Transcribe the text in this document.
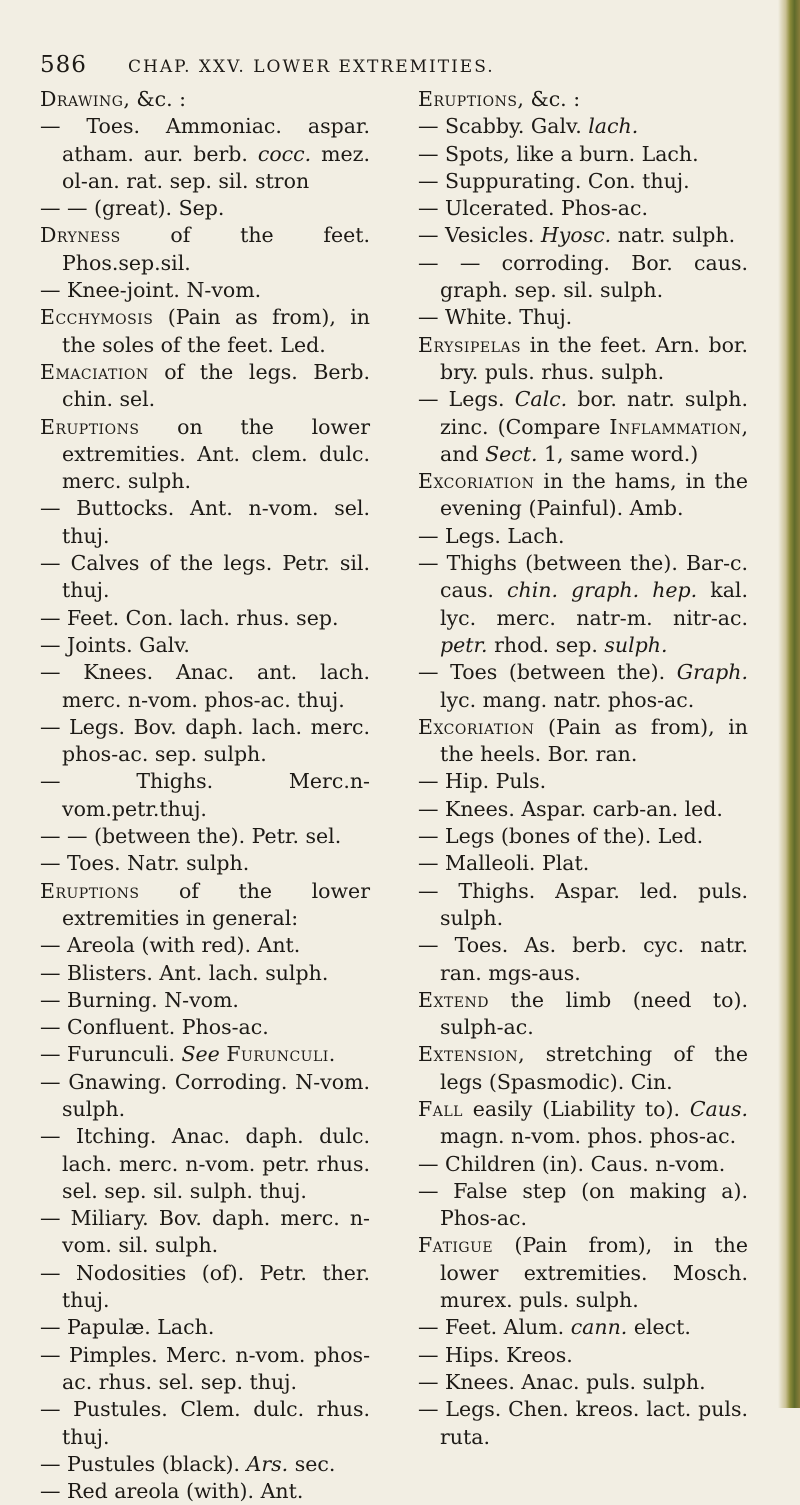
586 CHAP. XXV. LOWER EXTREMITIES.

Drawing, &c. :

— Toes. Ammoniac. aspar. atham. aur. berb. cocc. mez. ol-an. rat. sep. sil. stron

— — (great). Sep.

Dryness of the feet. Phos.sep.sil.

— Knee-joint. N-vom.

Ecchymosis (Pain as from), in the soles of the feet. Led.

Emaciation of the legs. Berb. chin. sel.

Eruptions on the lower extremities. Ant. clem. dulc. merc. sulph.

— Buttocks. Ant. n-vom. sel. thuj.

— Calves of the legs. Petr. sil. thuj.

— Feet. Con. lach. rhus. sep.

— Joints. Galv.

— Knees. Anac. ant. lach. merc. n-vom. phos-ac. thuj.

— Legs. Bov. daph. lach. merc. phos-ac. sep. sulph.

— Thighs. Merc.n-vom.petr.thuj.

— — (between the). Petr. sel.

— Toes. Natr. sulph.

Eruptions of the lower extremities in general:

— Areola (with red). Ant.

— Blisters. Ant. lach. sulph.

— Burning. N-vom.

— Confluent. Phos-ac.

— Furunculi. See Furunculi.

— Gnawing. Corroding. N-vom. sulph.

— Itching. Anac. daph. dulc. lach. merc. n-vom. petr. rhus. sel. sep. sil. sulph. thuj.

— Miliary. Bov. daph. merc. n-vom. sil. sulph.

— Nodosities (of). Petr. ther. thuj.

— Papulæ. Lach.

— Pimples. Merc. n-vom. phos-ac. rhus. sel. sep. thuj.

— Pustules. Clem. dulc. rhus. thuj.

— Pustules (black). Ars. sec.

— Red areola (with). Ant.

Eruptions, &c. :

— Scabby. Galv. lach.

— Spots, like a burn. Lach.

— Suppurating. Con. thuj.

— Ulcerated. Phos-ac.

— Vesicles. Hyosc. natr. sulph.

— — corroding. Bor. caus. graph. sep. sil. sulph.

— White. Thuj.

Erysipelas in the feet. Arn. bor. bry. puls. rhus. sulph.

— Legs. Calc. bor. natr. sulph. zinc. (Compare Inflammation, and Sect. 1, same word.)

Excoriation in the hams, in the evening (Painful). Amb.

— Legs. Lach.

— Thighs (between the). Bar-c. caus. chin. graph. hep. kal. lyc. merc. natr-m. nitr-ac. petr. rhod. sep. sulph.

— Toes (between the). Graph. lyc. mang. natr. phos-ac.

Excoriation (Pain as from), in the heels. Bor. ran.

— Hip. Puls.

— Knees. Aspar. carb-an. led.

— Legs (bones of the). Led.

— Malleoli. Plat.

— Thighs. Aspar. led. puls. sulph.

— Toes. As. berb. cyc. natr. ran. mgs-aus.

Extend the limb (need to). sulph-ac.

Extension, stretching of the legs (Spasmodic). Cin.

Fall easily (Liability to). Caus. magn. n-vom. phos. phos-ac.

— Children (in). Caus. n-vom.

— False step (on making a). Phos-ac.

Fatigue (Pain from), in the lower extremities. Mosch. murex. puls. sulph.

— Feet. Alum. cann. elect.

— Hips. Kreos.

— Knees. Anac. puls. sulph.

— Legs. Chen. kreos. lact. puls. ruta.
